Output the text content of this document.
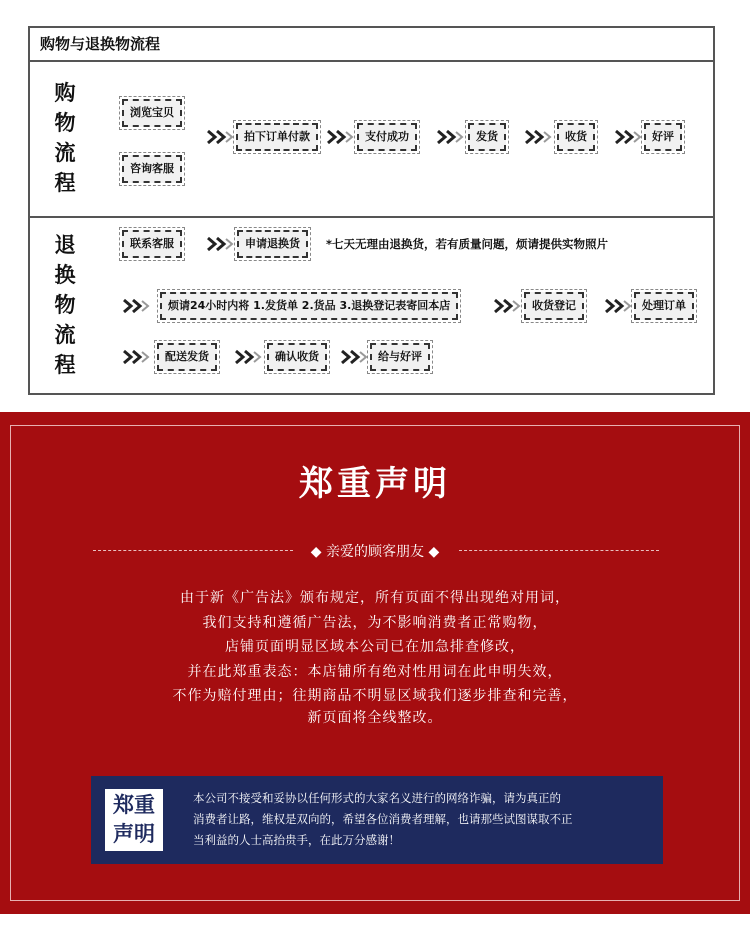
购物与退换物流程
购
物
流
程
浏览宝贝
咨询客服
拍下订单付款	支付成功	发货	收货	好评
退
换
物
流
程
联系客服	申请退换货	*七天无理由退换货，若有质量问题，烦请提供实物照片
烦请24小时内将 1.发货单 2.货品 3.退换登记表寄回本店	收货登记	处理订单
配送发货	确认收货	给与好评
郑重声明
◆ 亲爱的顾客朋友 ◆
由于新《广告法》颁布规定，所有页面不得出现绝对用词，
我们支持和遵循广告法，为不影响消费者正常购物，
店铺页面明显区域本公司已在加急排查修改，
并在此郑重表态：本店铺所有绝对性用词在此申明失效，
不作为赔付理由；往期商品不明显区域我们逐步排查和完善，
新页面将全线整改。
郑重
声明
本公司不接受和妥协以任何形式的大家名义进行的网络诈骗，请为真正的
消费者让路，维权是双向的，希望各位消费者理解，也请那些试图谋取不正
当利益的人士高抬贵手，在此万分感谢！
